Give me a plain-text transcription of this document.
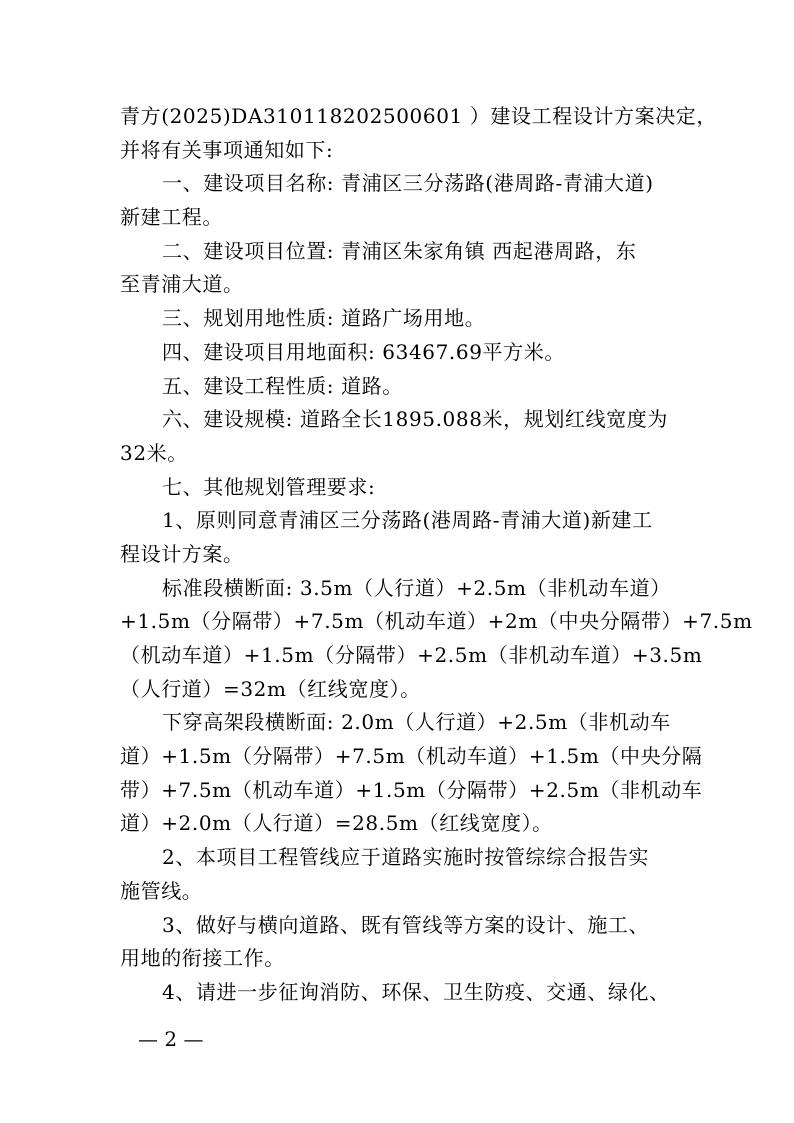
青方(2025)DA310118202500601 ）建设工程设计方案决定，
并将有关事项通知如下:
一、建设项目名称: 青浦区三分荡路(港周路-青浦大道)
新建工程。
二、建设项目位置: 青浦区朱家角镇 西起港周路，东
至青浦大道。
三、规划用地性质: 道路广场用地。
四、建设项目用地面积: 63467.69平方米。
五、建设工程性质: 道路。
六、建设规模: 道路全长1895.088米，规划红线宽度为
32米。
七、其他规划管理要求:
1、原则同意青浦区三分荡路(港周路-青浦大道)新建工
程设计方案。
标准段横断面: 3.5m（人行道）+2.5m（非机动车道）
+1.5m（分隔带）+7.5m（机动车道）+2m（中央分隔带）+7.5m
（机动车道）+1.5m（分隔带）+2.5m（非机动车道）+3.5m
（人行道）=32m（红线宽度）。
下穿高架段横断面: 2.0m（人行道）+2.5m（非机动车
道）+1.5m（分隔带）+7.5m（机动车道）+1.5m（中央分隔
带）+7.5m（机动车道）+1.5m（分隔带）+2.5m（非机动车
道）+2.0m（人行道）=28.5m（红线宽度）。
2、本项目工程管线应于道路实施时按管综综合报告实
施管线。
3、做好与横向道路、既有管线等方案的设计、施工、
用地的衔接工作。
4、请进一步征询消防、环保、卫生防疫、交通、绿化、
— 2 —
